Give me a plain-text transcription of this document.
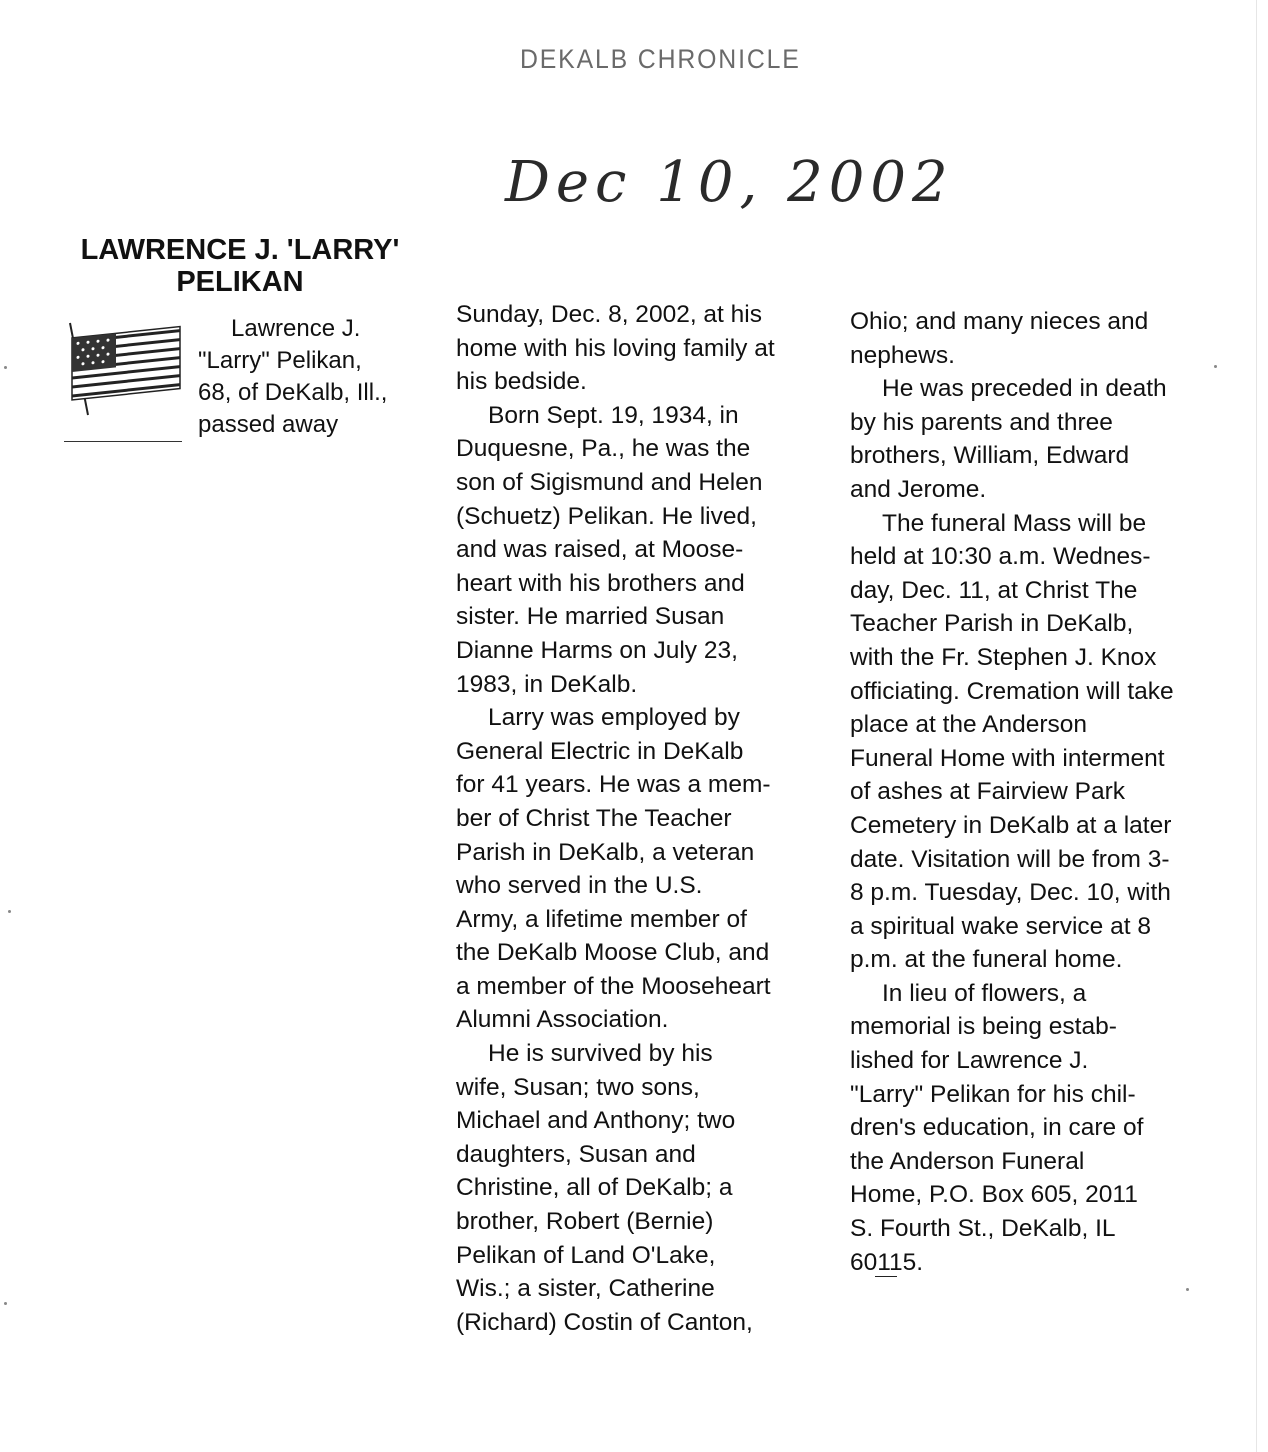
DEKALB CHRONICLE
Dec 10, 2002
LAWRENCE J. 'LARRY'
PELIKAN

Lawrence J.

"Larry" Pelikan,

68, of DeKalb, Ill.,

passed away

Sunday, Dec. 8, 2002, at his

home with his loving family at

his bedside.

Born Sept. 19, 1934, in

Duquesne, Pa., he was the

son of Sigismund and Helen

(Schuetz) Pelikan. He lived,

and was raised, at Moose-

heart with his brothers and

sister. He married Susan

Dianne Harms on July 23,

1983, in DeKalb.

Larry was employed by

General Electric in DeKalb

for 41 years. He was a mem-

ber of Christ The Teacher

Parish in DeKalb, a veteran

who served in the U.S.

Army, a lifetime member of

the DeKalb Moose Club, and

a member of the Mooseheart

Alumni Association.

He is survived by his

wife, Susan; two sons,

Michael and Anthony; two

daughters, Susan and

Christine, all of DeKalb; a

brother, Robert (Bernie)

Pelikan of Land O'Lake,

Wis.; a sister, Catherine

(Richard) Costin of Canton,

Ohio; and many nieces and

nephews.

He was preceded in death

by his parents and three

brothers, William, Edward

and Jerome.

The funeral Mass will be

held at 10:30 a.m. Wednes-

day, Dec. 11, at Christ The

Teacher Parish in DeKalb,

with the Fr. Stephen J. Knox

officiating. Cremation will take

place at the Anderson

Funeral Home with interment

of ashes at Fairview Park

Cemetery in DeKalb at a later

date. Visitation will be from 3-

8 p.m. Tuesday, Dec. 10, with

a spiritual wake service at 8

p.m. at the funeral home.

In lieu of flowers, a

memorial is being estab-

lished for Lawrence J.

"Larry" Pelikan for his chil-

dren's education, in care of

the Anderson Funeral

Home, P.O. Box 605, 2011

S. Fourth St., DeKalb, IL

60115.
